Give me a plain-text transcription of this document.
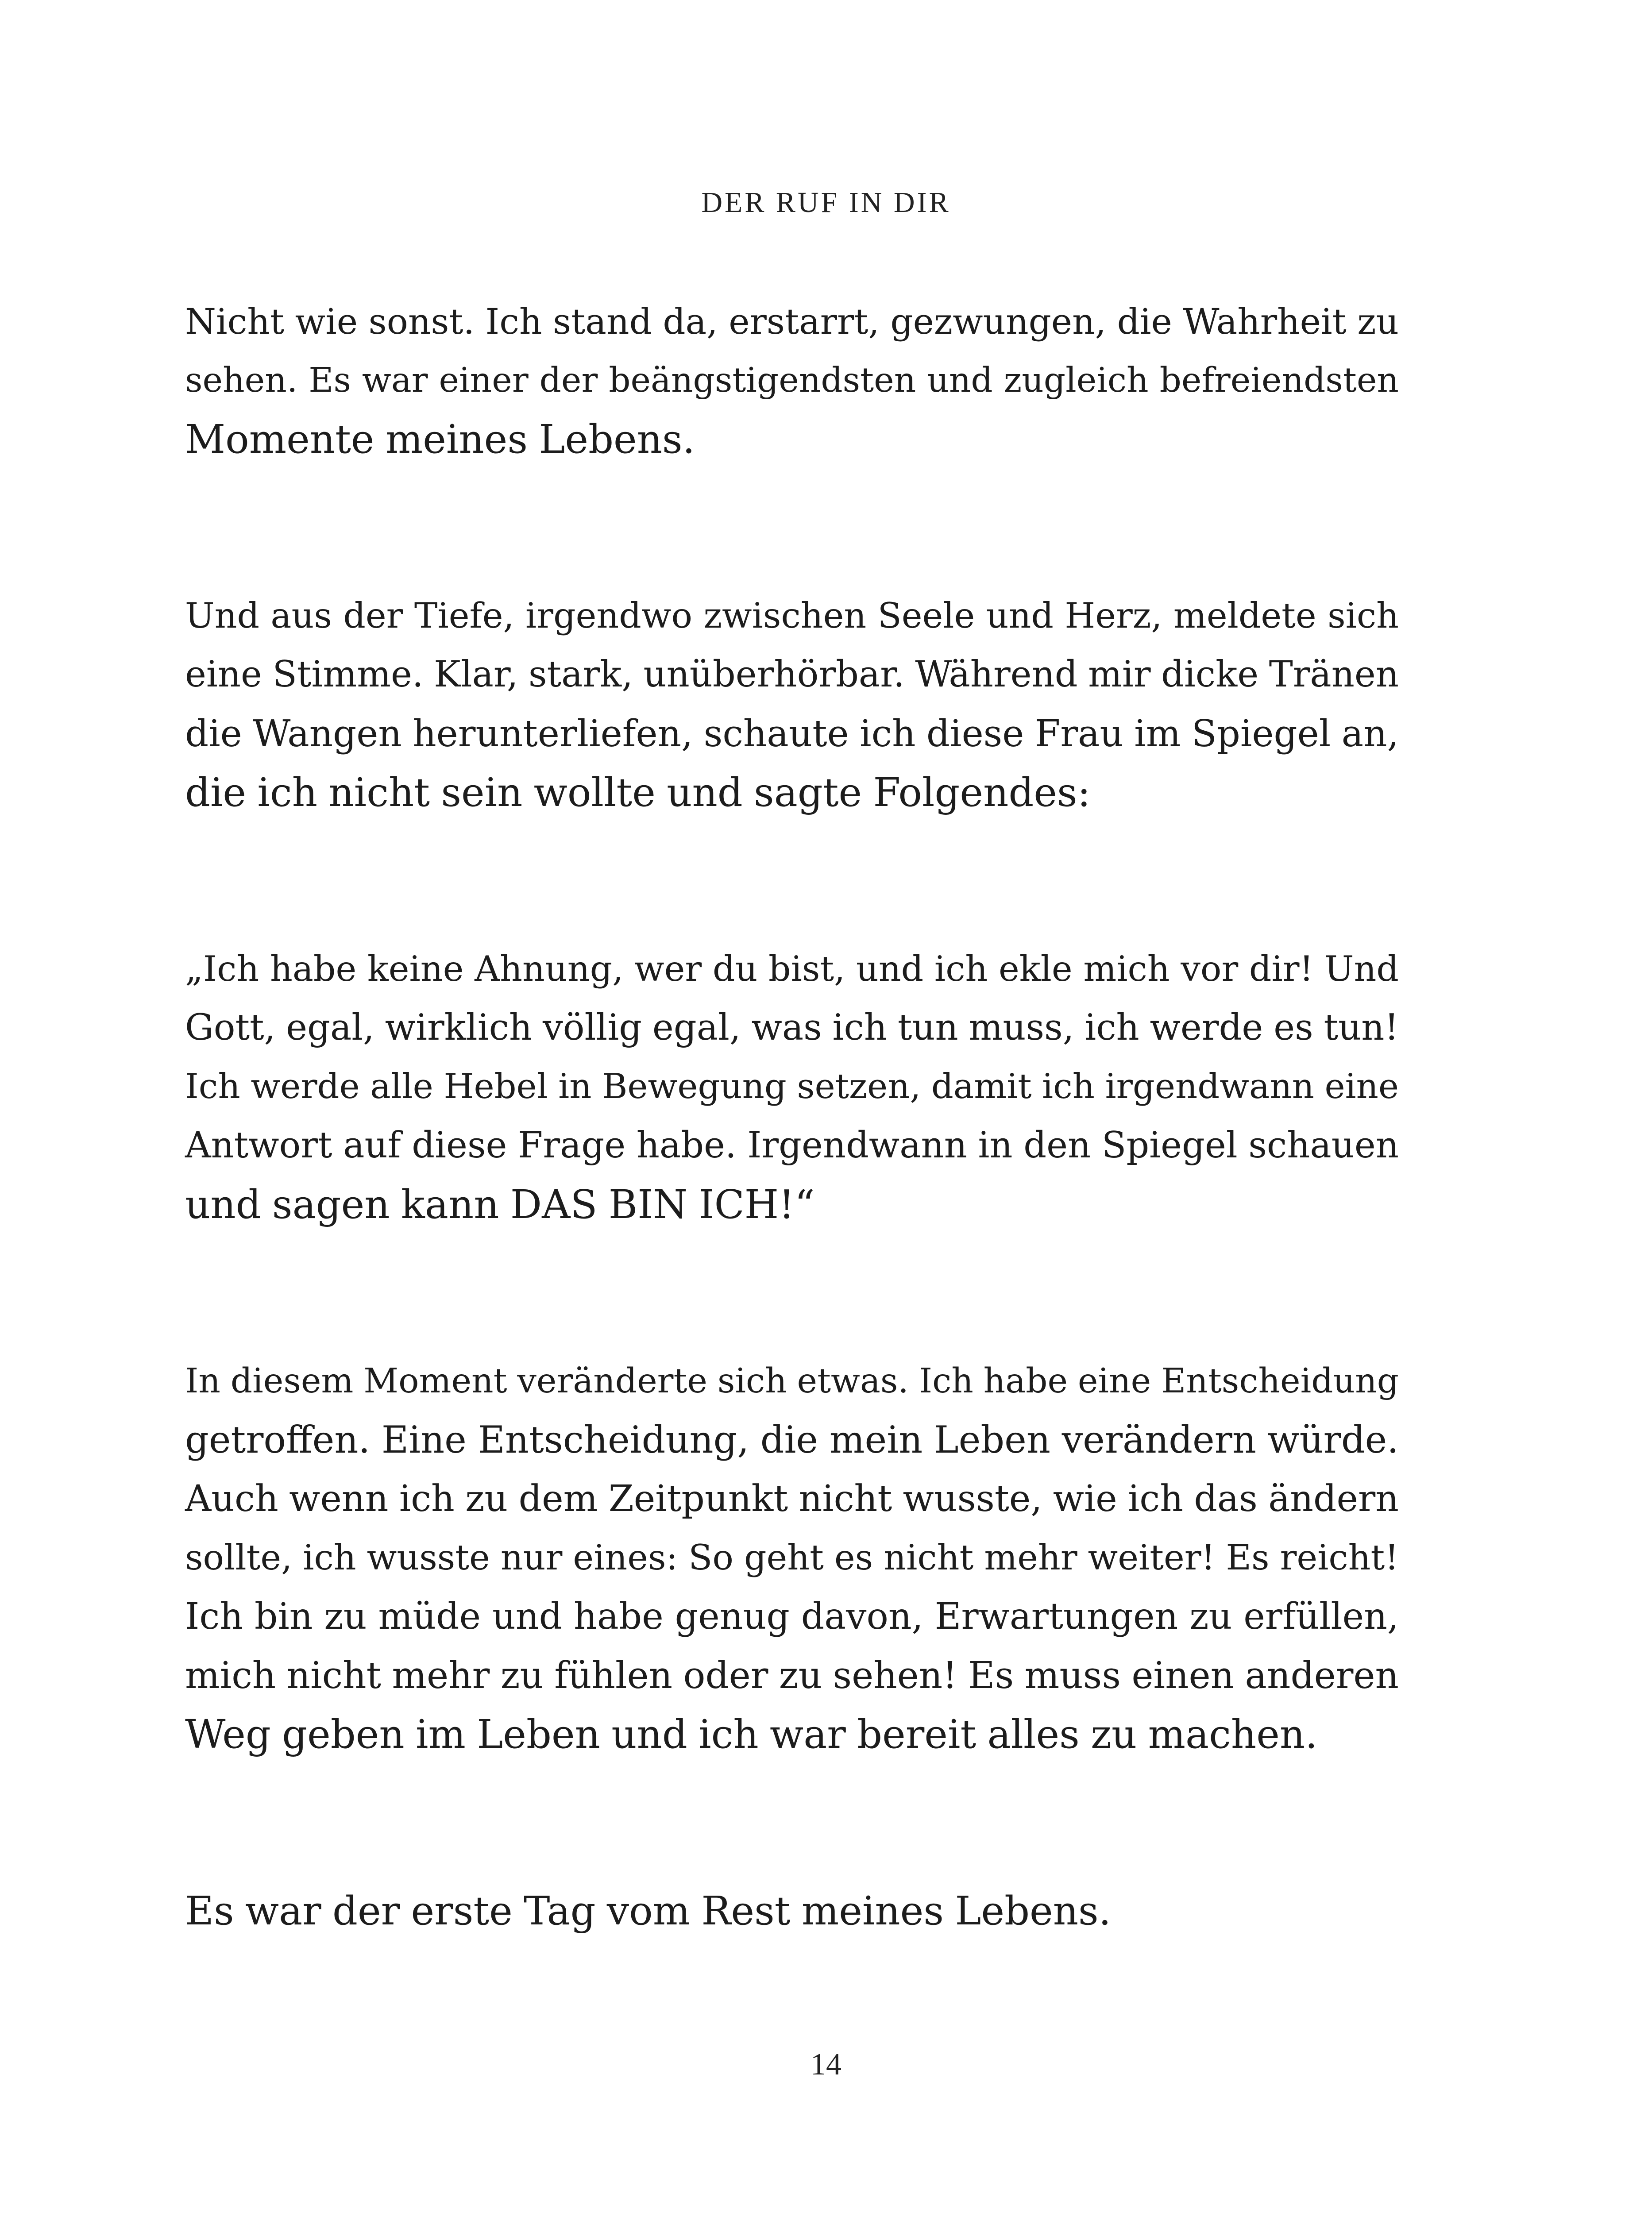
DER RUF IN DIR
Nicht wie sonst. Ich stand da, erstarrt, gezwungen, die Wahrheit zu
sehen. Es war einer der beängstigendsten und zugleich befreiendsten
Momente meines Lebens.
Und aus der Tiefe, irgendwo zwischen Seele und Herz, meldete sich
eine Stimme. Klar, stark, unüberhörbar. Während mir dicke Tränen
die Wangen herunterliefen, schaute ich diese Frau im Spiegel an,
die ich nicht sein wollte und sagte Folgendes:
„Ich habe keine Ahnung, wer du bist, und ich ekle mich vor dir! Und
Gott, egal, wirklich völlig egal, was ich tun muss, ich werde es tun!
Ich werde alle Hebel in Bewegung setzen, damit ich irgendwann eine
Antwort auf diese Frage habe. Irgendwann in den Spiegel schauen
und sagen kann DAS BIN ICH!“
In diesem Moment veränderte sich etwas. Ich habe eine Entscheidung
getroffen. Eine Entscheidung, die mein Leben verändern würde.
Auch wenn ich zu dem Zeitpunkt nicht wusste, wie ich das ändern
sollte, ich wusste nur eines: So geht es nicht mehr weiter! Es reicht!
Ich bin zu müde und habe genug davon, Erwartungen zu erfüllen,
mich nicht mehr zu fühlen oder zu sehen! Es muss einen anderen
Weg geben im Leben und ich war bereit alles zu machen.
Es war der erste Tag vom Rest meines Lebens.
14
